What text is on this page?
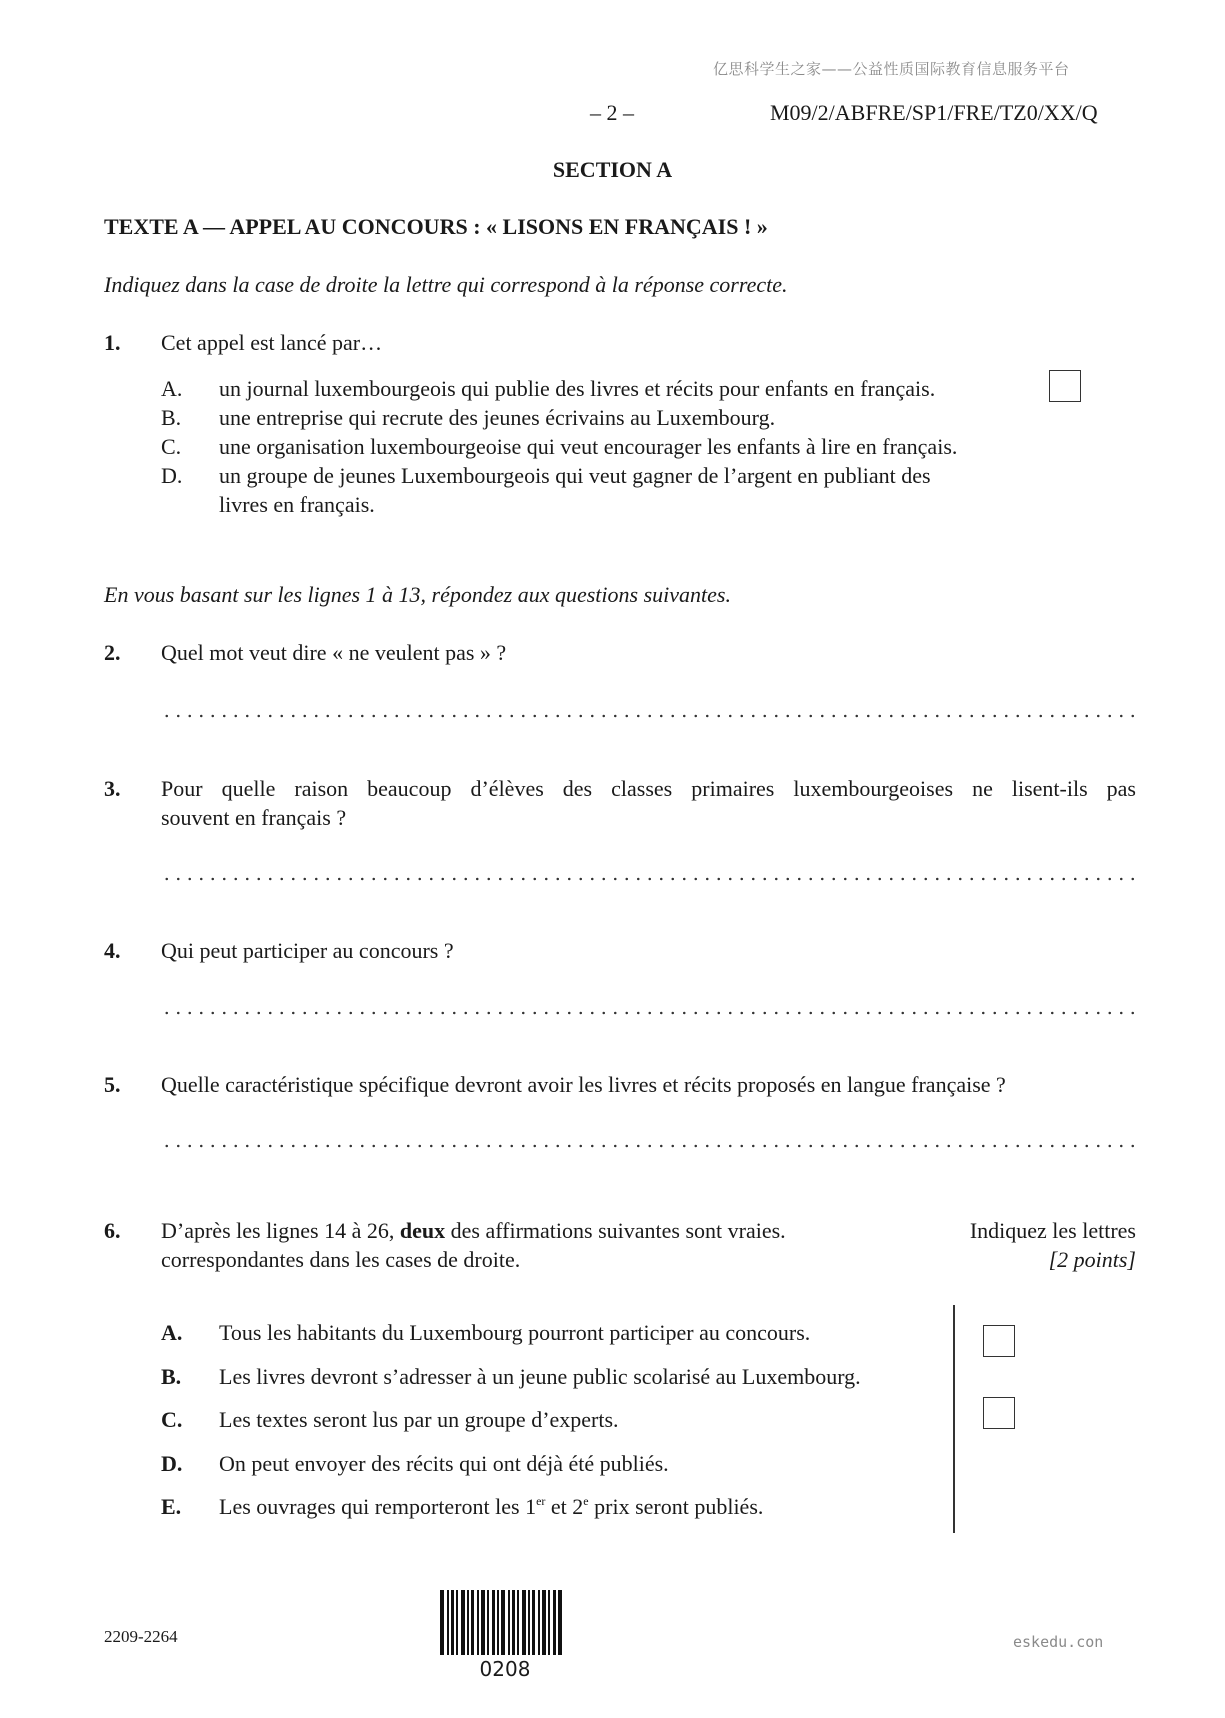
亿思科学生之家——公益性质国际教育信息服务平台
– 2 –	M09/2/ABFRE/SP1/FRE/TZ0/XX/Q
SECTION A
TEXTE A — APPEL AU CONCOURS : « LISONS EN FRANÇAIS ! »
Indiquez dans la case de droite la lettre qui correspond à la réponse correcte.
1. Cet appel est lancé par…
A. un journal luxembourgeois qui publie des livres et récits pour enfants en français.
B. une entreprise qui recrute des jeunes écrivains au Luxembourg.
C. une organisation luxembourgeoise qui veut encourager les enfants à lire en français.
D. un groupe de jeunes Luxembourgeois qui veut gagner de l’argent en publiant des
livres en français.
En vous basant sur les lignes 1 à 13, répondez aux questions suivantes.
2. Quel mot veut dire « ne veulent pas » ?
3. Pour quelle raison beaucoup d’élèves des classes primaires luxembourgeoises ne lisent-ils pas
souvent en français ?
4. Qui peut participer au concours ?
5. Quelle caractéristique spécifique devront avoir les livres et récits proposés en langue française ?
6. D’après les lignes 14 à 26, deux des affirmations suivantes sont vraies.	Indiquez les lettres
correspondantes dans les cases de droite.	[2 points]
A. Tous les habitants du Luxembourg pourront participer au concours.
B. Les livres devront s’adresser à un jeune public scolarisé au Luxembourg.
C. Les textes seront lus par un groupe d’experts.
D. On peut envoyer des récits qui ont déjà été publiés.
E. Les ouvrages qui remporteront les 1er et 2e prix seront publiés.
2209-2264
0208
eskedu.con
